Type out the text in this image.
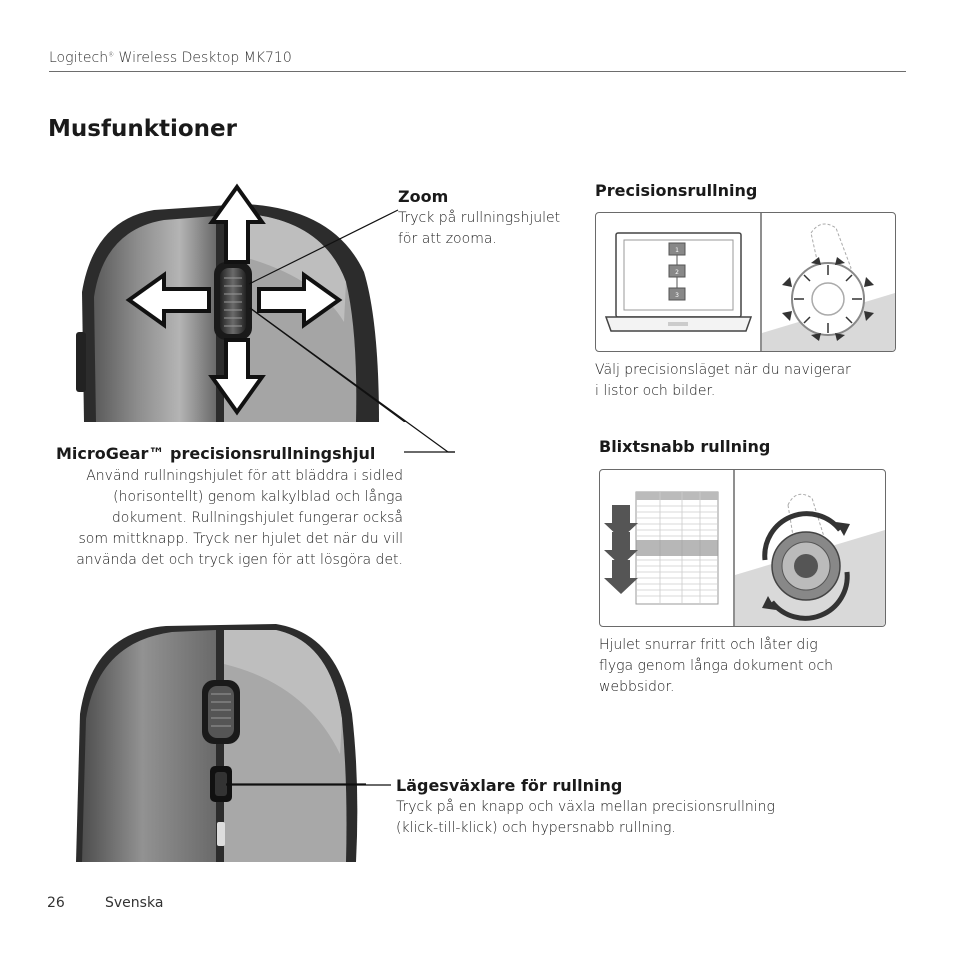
Logitech® Wireless Desktop MK710
Musfunktioner
Zoom
Tryck på rullningshjulet
för att zooma.
MicroGear™ precisionsrullningshjul
Använd rullningshjulet för att bläddra i sidled
(horisontellt) genom kalkylblad och långa
dokument. Rullningshjulet fungerar också
som mittknapp. Tryck ner hjulet det när du vill
använda det och tryck igen för att lösgöra det.
Precisionsrullning
1
2
3
Välj precisionsläget när du navigerar
i listor och bilder.
Blixtsnabb rullning
Hjulet snurrar fritt och låter dig
flyga genom långa dokument och
webbsidor.
Lägesväxlare för rullning
Tryck på en knapp och växla mellan precisionsrullning
(klick-till-klick) och hypersnabb rullning.
26	Svenska
